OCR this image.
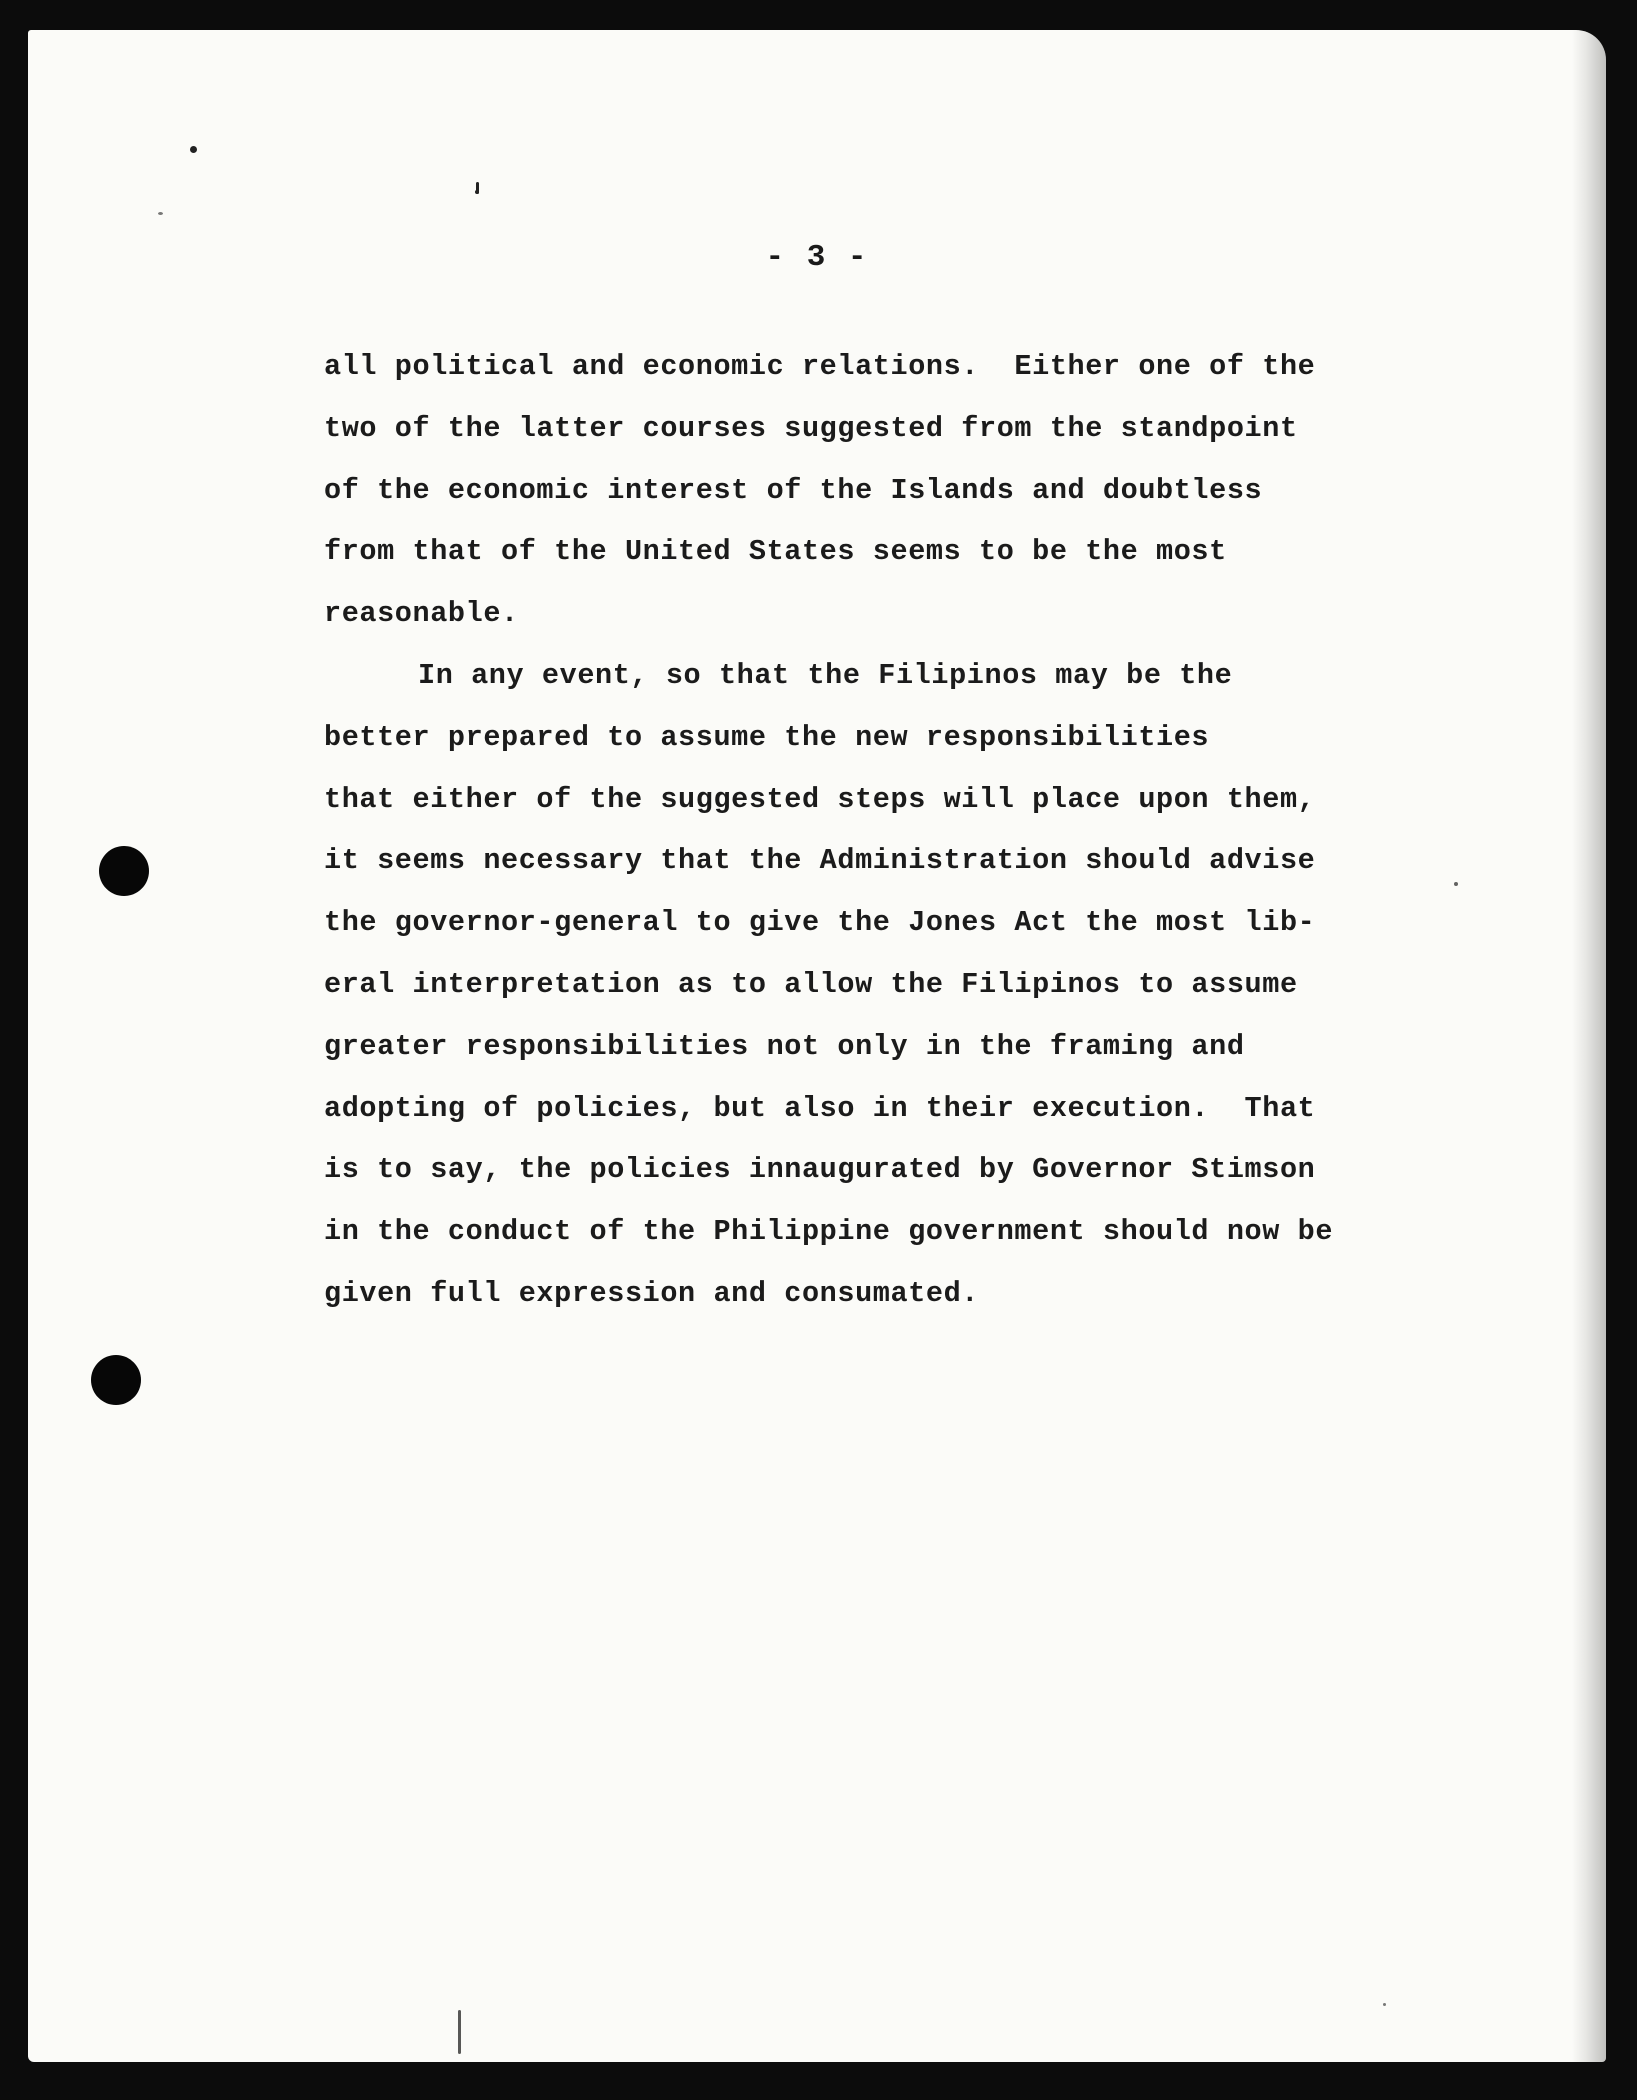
- 3 -
all political and economic relations.  Either one of the
two of the latter courses suggested from the standpoint
of the economic interest of the Islands and doubtless
from that of the United States seems to be the most
reasonable.
In any event, so that the Filipinos may be the
better prepared to assume the new responsibilities
that either of the suggested steps will place upon them,
it seems necessary that the Administration should advise
the governor-general to give the Jones Act the most lib-
eral interpretation as to allow the Filipinos to assume
greater responsibilities not only in the framing and
adopting of policies, but also in their execution.  That
is to say, the policies innaugurated by Governor Stimson
in the conduct of the Philippine government should now be
given full expression and consumated.
